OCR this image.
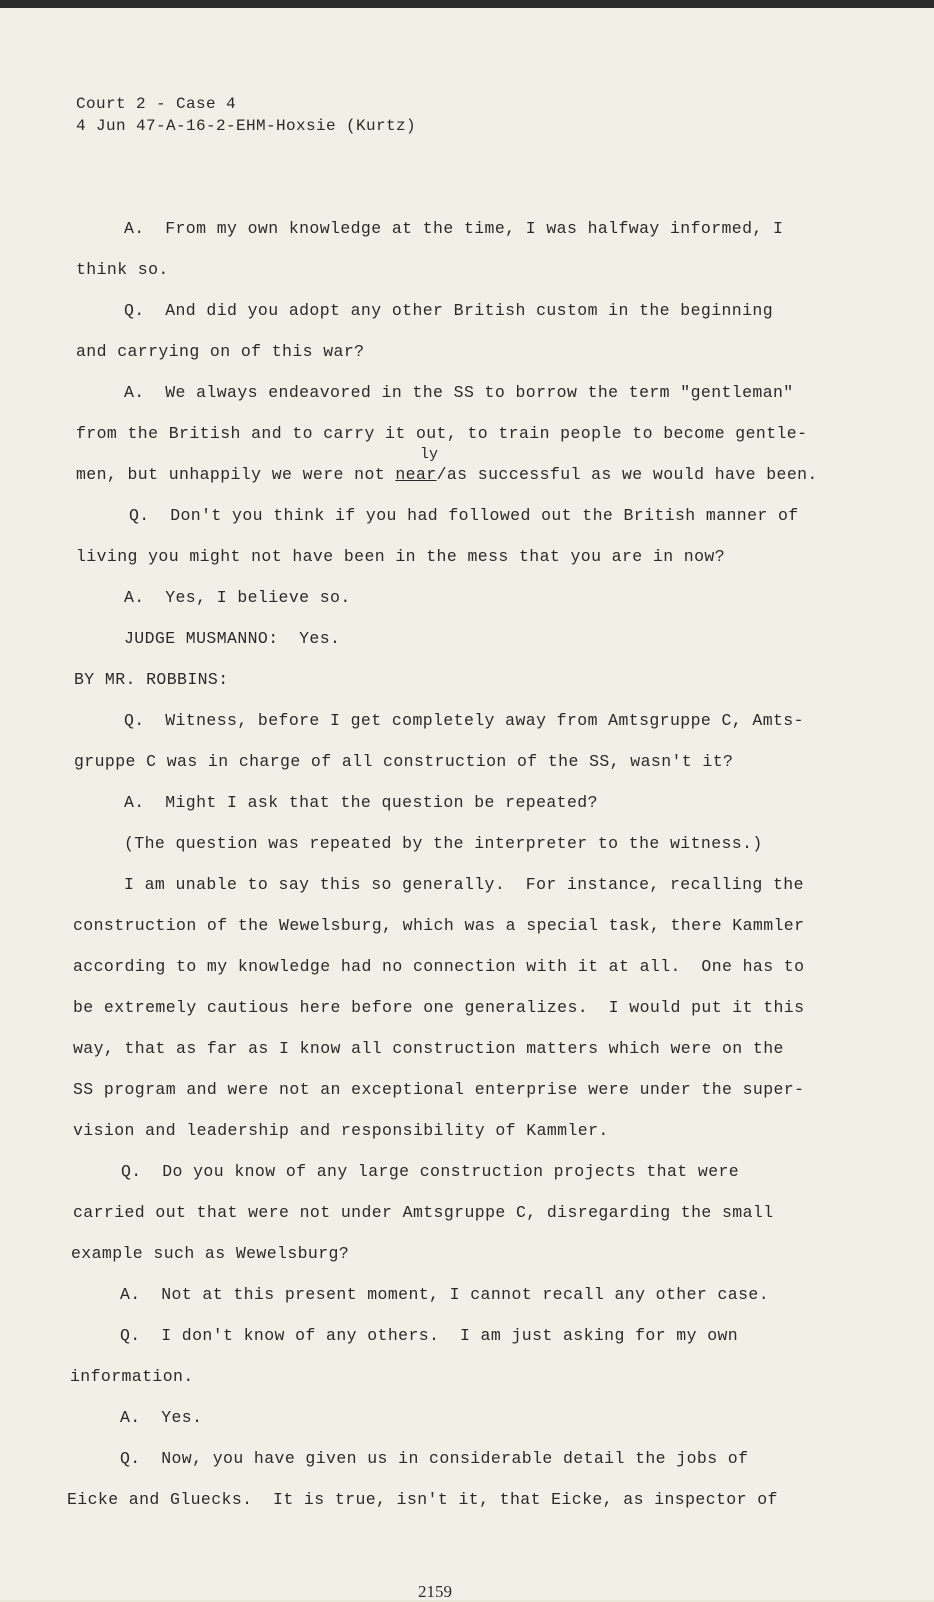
Court 2 - Case 4
4 Jun 47-A-16-2-EHM-Hoxsie (Kurtz)
A.  From my own knowledge at the time, I was halfway informed, I
think so.
Q.  And did you adopt any other British custom in the beginning
and carrying on of this war?
A.  We always endeavored in the SS to borrow the term "gentleman"
from the British and to carry it out, to train people to become gentle-
ly
men, but unhappily we were not near/as successful as we would have been.
Q.  Don't you think if you had followed out the British manner of
living you might not have been in the mess that you are in now?
A.  Yes, I believe so.
JUDGE MUSMANNO:  Yes.
BY MR. ROBBINS:
Q.  Witness, before I get completely away from Amtsgruppe C, Amts-
gruppe C was in charge of all construction of the SS, wasn't it?
A.  Might I ask that the question be repeated?
(The question was repeated by the interpreter to the witness.)
I am unable to say this so generally.  For instance, recalling the
construction of the Wewelsburg, which was a special task, there Kammler
according to my knowledge had no connection with it at all.  One has to
be extremely cautious here before one generalizes.  I would put it this
way, that as far as I know all construction matters which were on the
SS program and were not an exceptional enterprise were under the super-
vision and leadership and responsibility of Kammler.
Q.  Do you know of any large construction projects that were
carried out that were not under Amtsgruppe C, disregarding the small
example such as Wewelsburg?
A.  Not at this present moment, I cannot recall any other case.
Q.  I don't know of any others.  I am just asking for my own
information.
A.  Yes.
Q.  Now, you have given us in considerable detail the jobs of
Eicke and Gluecks.  It is true, isn't it, that Eicke, as inspector of
2159
